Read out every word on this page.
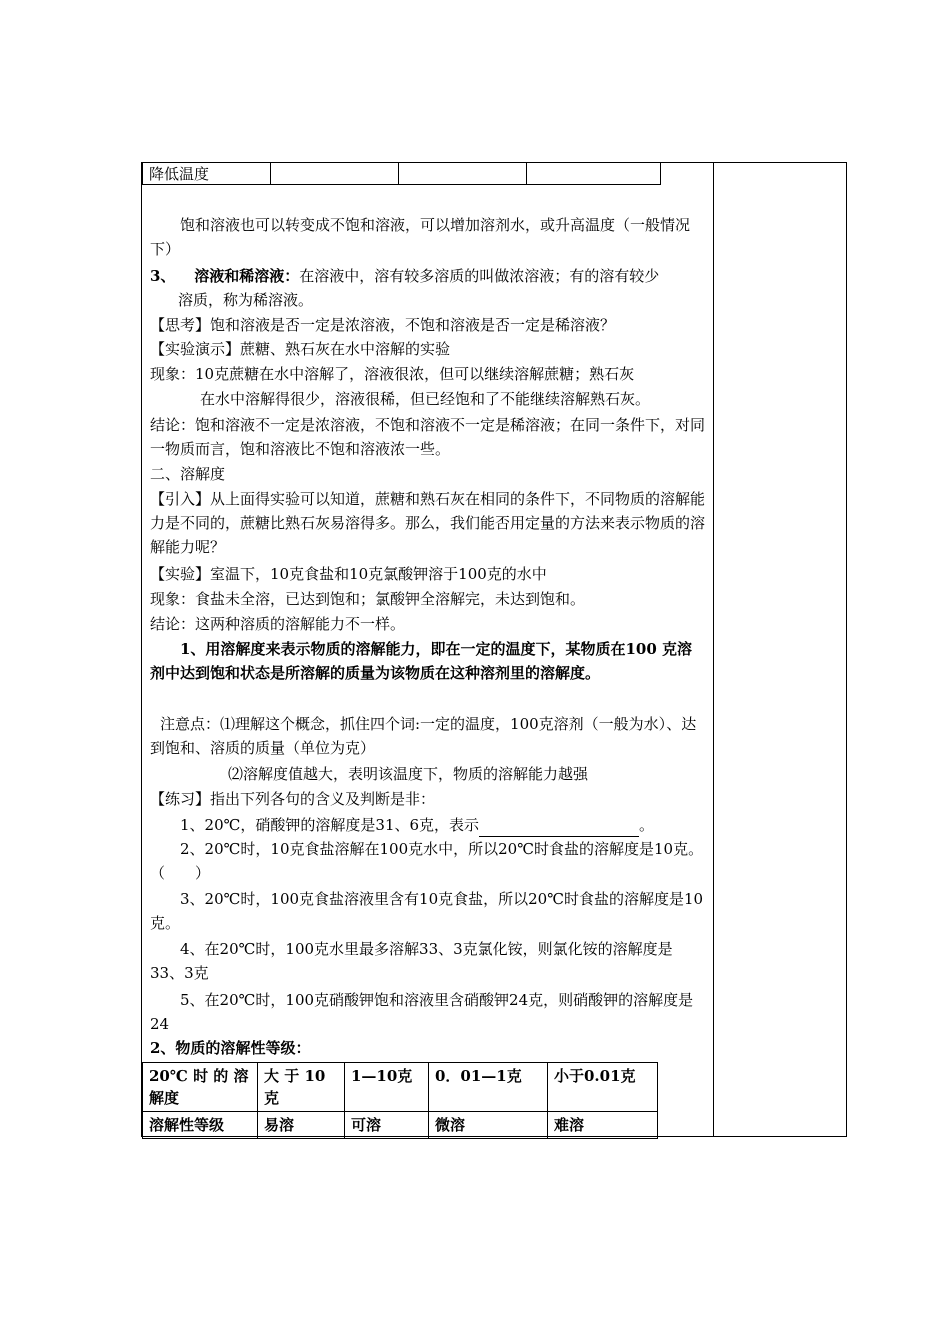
降低温度			
饱和溶液也可以转变成不饱和溶液，可以增加溶剂水，或升高温度（一般情况下）
3、 溶液和稀溶液：在溶液中，溶有较多溶质的叫做浓溶液；有的溶有较少
溶质，称为稀溶液。
【思考】饱和溶液是否一定是浓溶液，不饱和溶液是否一定是稀溶液？
【实验演示】蔗糖、熟石灰在水中溶解的实验
现象：10克蔗糖在水中溶解了，溶液很浓，但可以继续溶解蔗糖；熟石灰
在水中溶解得很少，溶液很稀，但已经饱和了不能继续溶解熟石灰。
结论：饱和溶液不一定是浓溶液，不饱和溶液不一定是稀溶液；在同一条件下，对同一物质而言，饱和溶液比不饱和溶液浓一些。
二、溶解度
【引入】从上面得实验可以知道，蔗糖和熟石灰在相同的条件下，不同物质的溶解能力是不同的，蔗糖比熟石灰易溶得多。那么，我们能否用定量的方法来表示物质的溶解能力呢？
【实验】室温下，10克食盐和10克氯酸钾溶于100克的水中
现象：食盐未全溶，已达到饱和；氯酸钾全溶解完，未达到饱和。
结论：这两种溶质的溶解能力不一样。
1、用溶解度来表示物质的溶解能力，即在一定的温度下，某物质在100 克溶剂中达到饱和状态是所溶解的质量为该物质在这种溶剂里的溶解度。
注意点：⑴理解这个概念，抓住四个词:一定的温度，100克溶剂（一般为水）、达到饱和、溶质的质量（单位为克）
⑵溶解度值越大，表明该温度下，物质的溶解能力越强
【练习】指出下列各句的含义及判断是非：
1、20℃，硝酸钾的溶解度是31、6克，表示	。
2、20℃时，10克食盐溶解在100克水中，所以20℃时食盐的溶解度是10克。（　　）
3、20℃时，100克食盐溶液里含有10克食盐，所以20℃时食盐的溶解度是10克。
4、在20℃时，100克水里最多溶解33、3克氯化铵，则氯化铵的溶解度是33、3克
5、在20℃时，100克硝酸钾饱和溶液里含硝酸钾24克，则硝酸钾的溶解度是24
2、物质的溶解性等级：
20℃ 时 的 溶解度	大 于 10克	1—10克	0．01—1克	小于0.01克
溶解性等级	易溶	可溶	微溶	难溶
